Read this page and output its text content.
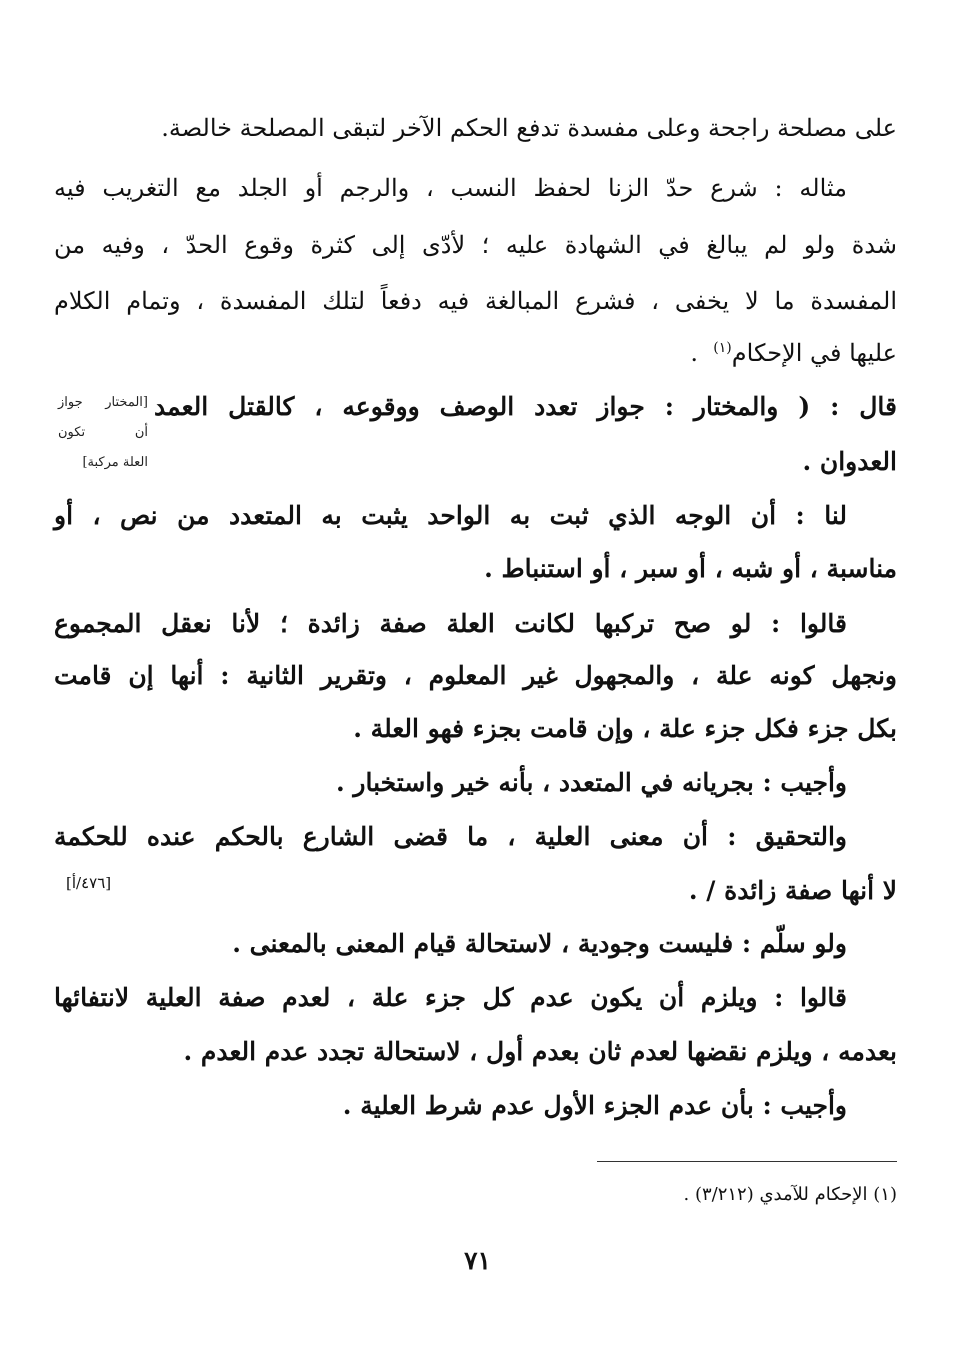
على مصلحة راجحة وعلى مفسدة تدفع الحكم الآخر لتبقى المصلحة خالصة.
مثاله : شرع حدّ الزنا لحفظ النسب ، والرجم أو الجلد مع التغريب فيه
شدة ولو لم يبالغ في الشهادة عليه ؛ لأدّى إلى كثرة وقوع الحدّ ، وفيه من
المفسدة ما لا يخفى ، فشرع المبالغة فيه دفعاً لتلك المفسدة ، وتمام الكلام
عليها في الإحكام$^{(١)}$  .
قال : ( والمختار : جواز تعدد الوصف ووقوعه ، كالقتل العمد
العدوان .
لنا : أن الوجه الذي ثبت به الواحد يثبت به المتعدد من نص ، أو
مناسبة ، أو شبه ، أو سبر ، أو استنباط .
قالوا : لو صح تركبها لكانت العلة صفة زائدة ؛ لأنا نعقل المجموع
ونجهل كونه علة ، والمجهول غير المعلوم ، وتقرير الثانية : أنها إن قامت
بكل جزء فكل جزء علة ، وإن قامت بجزء فهو العلة .
وأجيب : بجريانه في المتعدد ، بأنه خير واستخبار .
والتحقيق : أن معنى العلية ، ما قضى الشارع بالحكم عنده للحكمة
لا أنها صفة زائدة / .
ولو سلّم : فليست وجودية ، لاستحالة قيام المعنى بالمعنى .
قالوا : ويلزم أن يكون عدم كل جزء علة ، لعدم صفة العلية لانتفائها
بعدمه ، ويلزم نقضها لعدم ثان بعدم أول ، لاستحالة تجدد عدم العدم .
وأجيب : بأن عدم الجزء الأول عدم شرط العلية .
[المختار جواز
أن تكون
العلة مركبة]
[٤٧٦/أ]
(١) الإحكام للآمدي (٣/٢١٢) .
٧١
